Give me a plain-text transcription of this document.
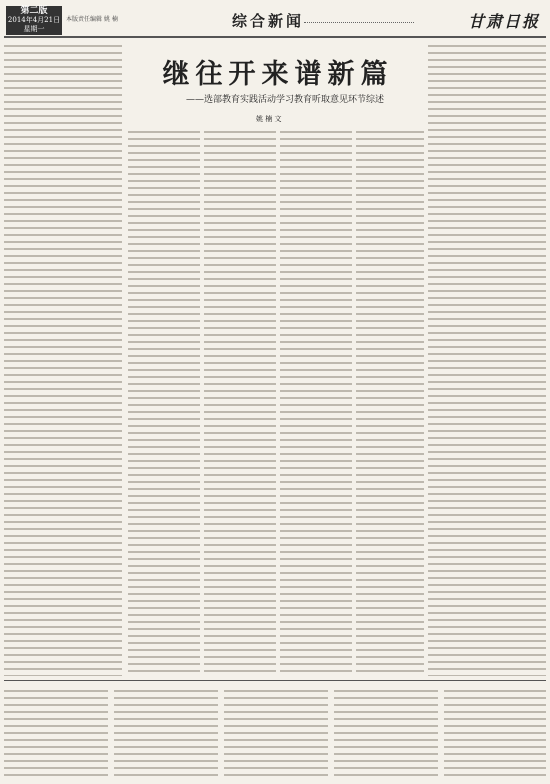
第二版
2014年4月21日
星期一
本版责任编辑 姚 楠	综合新闻	甘肃日报
继往开来谱新篇
——选部教育实践活动学习教育听取意见环节综述
姚 楠 文
